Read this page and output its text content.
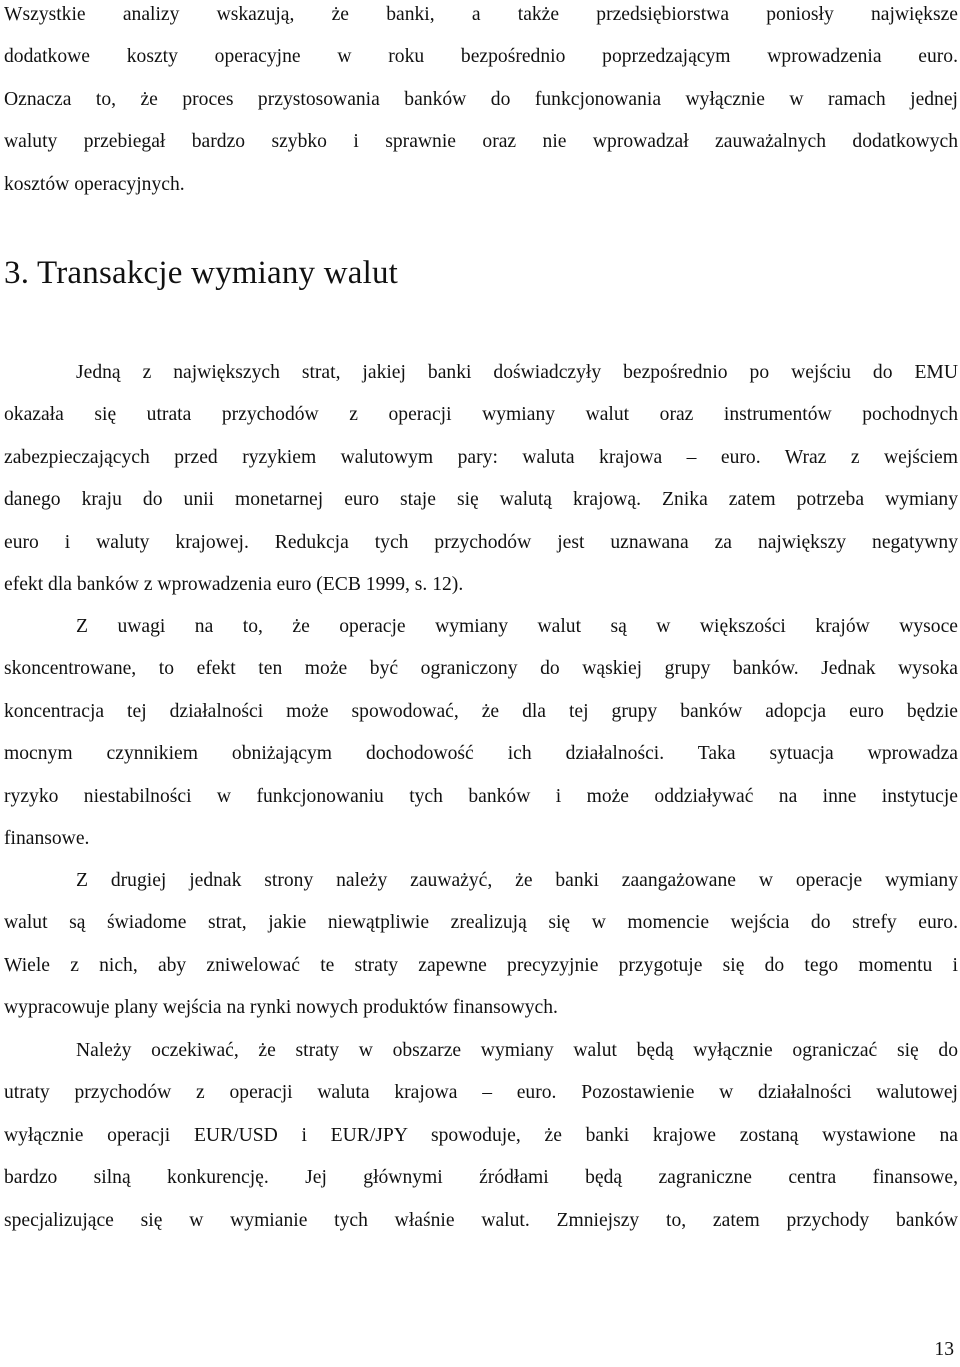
Wszystkie analizy wskazują, że banki, a także przedsiębiorstwa poniosły największe
dodatkowe koszty operacyjne w roku bezpośrednio poprzedzającym wprowadzenia euro.
Oznacza to, że proces przystosowania banków do funkcjonowania wyłącznie w ramach jednej
waluty przebiegał bardzo szybko i sprawnie oraz nie wprowadzał zauważalnych dodatkowych
kosztów operacyjnych.
3. Transakcje wymiany walut
Jedną z największych strat, jakiej banki doświadczyły bezpośrednio po wejściu do EMU
okazała się utrata przychodów z operacji wymiany walut oraz instrumentów pochodnych
zabezpieczających przed ryzykiem walutowym pary: waluta krajowa – euro. Wraz z wejściem
danego kraju do unii monetarnej euro staje się walutą krajową. Znika zatem potrzeba wymiany
euro i waluty krajowej. Redukcja tych przychodów jest uznawana za największy negatywny
efekt dla banków z wprowadzenia euro (ECB 1999, s. 12).
Z uwagi na to, że operacje wymiany walut są w większości krajów wysoce
skoncentrowane, to efekt ten może być ograniczony do wąskiej grupy banków. Jednak wysoka
koncentracja tej działalności może spowodować, że dla tej grupy banków adopcja euro będzie
mocnym czynnikiem obniżającym dochodowość ich działalności. Taka sytuacja wprowadza
ryzyko niestabilności w funkcjonowaniu tych banków i może oddziaływać na inne instytucje
finansowe.
Z drugiej jednak strony należy zauważyć, że banki zaangażowane w operacje wymiany
walut są świadome strat, jakie niewątpliwie zrealizują się w momencie wejścia do strefy euro.
Wiele z nich, aby zniwelować te straty zapewne precyzyjnie przygotuje się do tego momentu i
wypracowuje plany wejścia na rynki nowych produktów finansowych.
Należy oczekiwać, że straty w obszarze wymiany walut będą wyłącznie ograniczać się do
utraty przychodów z operacji waluta krajowa – euro. Pozostawienie w działalności walutowej
wyłącznie operacji EUR/USD i EUR/JPY spowoduje, że banki krajowe zostaną wystawione na
bardzo silną konkurencję. Jej głównymi źródłami będą zagraniczne centra finansowe,
specjalizujące się w wymianie tych właśnie walut. Zmniejszy to, zatem przychody banków
13
